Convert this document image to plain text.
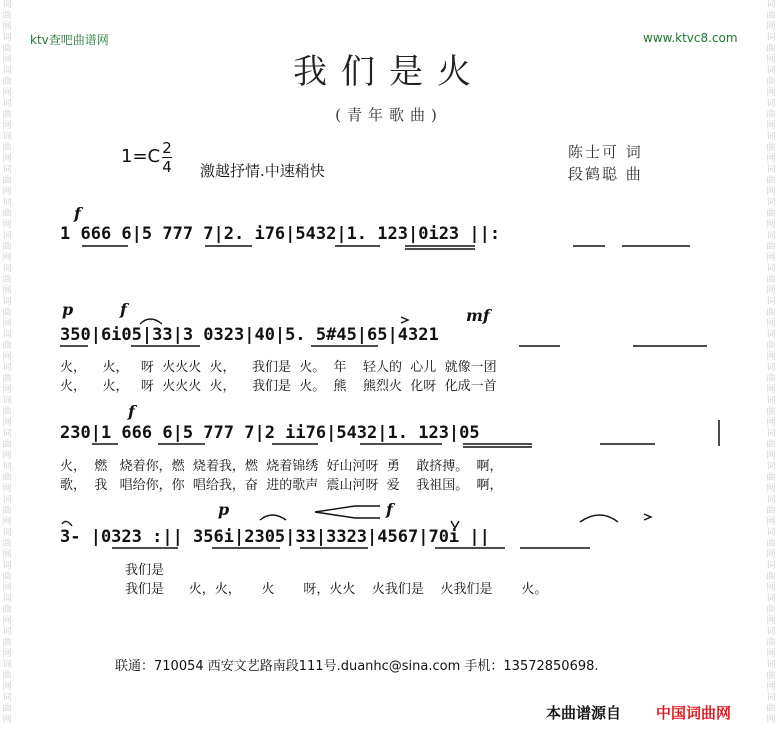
词
曲
网
词
曲
网
词
曲
网
词
曲
网
词
曲
网
词
曲
网
词
曲
网
词
曲
网
词
曲
网
词
曲
网
词
曲
网
词
曲
网
词
曲
网
词
曲
网
词
曲
网
词
曲
网
词
曲
网
词
曲
网
词
曲
网
词
曲
网
词
曲
网
词
曲
网
词
曲
网
词
曲
网
词
曲
网
词
曲
网
词
曲
网
词
曲
网
词
曲
网
词
曲
网
词
曲
网
词
曲
网
词
曲
网
词
曲
网
词
曲
网
词
曲
网
词
曲
网
词
曲
网
词
曲
网
词
曲
网
词
曲
网
词
曲
网
词
曲
网
词
曲
网
ktv查吧曲谱网	www.ktvc8.com
我们是火
(青年歌曲)
1=C 2
4 激越抒情.中速稍快
陈士可 词
段鹤聪 曲
f
1 666 6|5 777 7|2. i76|5432|1. 123|0i23 ||:
p	f	mf
350|6i05|33|3 0323|40|5. 5#45|65|4321
火，    火，   呀  火火火  火，    我们是  火。  年    轻人的  心儿  就像一团
火，    火，   呀  火火火  火，    我们是  火。  熊    熊烈火  化呀  化成一首
f
230|1 666 6|5 777 7|2 ii76|5432|1. 123|05
火，  燃   烧着你，燃  烧着我，燃  烧着锦绣  好山河呀  勇    敢挤搏。  啊，
歌，  我   唱给你，你  唱给我，奋  进的歌声  震山河呀  爱    我祖国。  啊，
p	f
3- |0323 :|| 356i|2305|33|3323|4567|70i ||
我们是
我们是      火，火，     火       呀，火火    火我们是    火我们是       火。
联通：710054 西安文艺路南段111号.duanhc@sina.com 手机：13572850698.
本曲谱源自 中国词曲网
